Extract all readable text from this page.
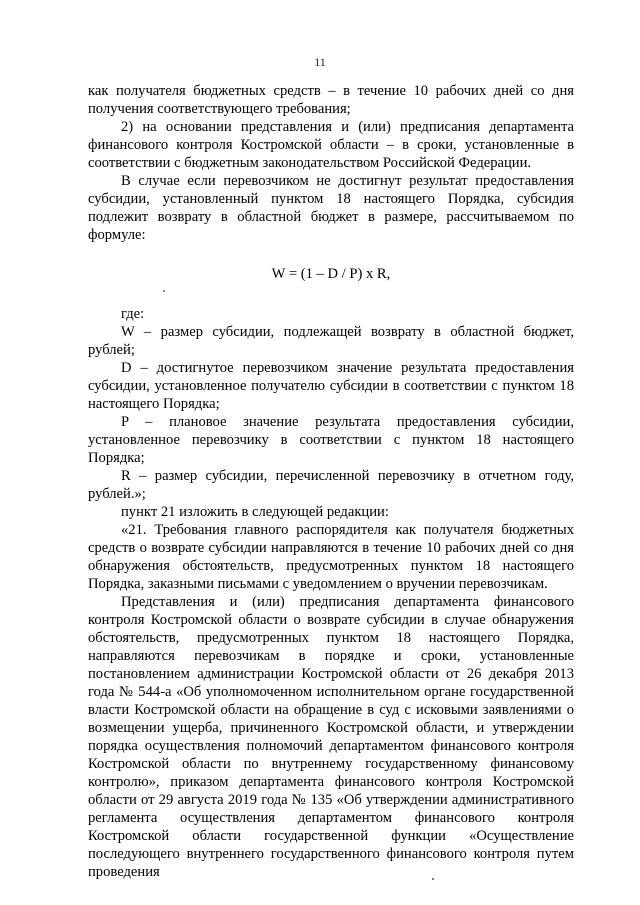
11

как получателя бюджетных средств – в течение 10 рабочих дней со дня получения соответствующего требования;

2) на основании представления и (или) предписания департамента финансового контроля Костромской области – в сроки, установленные в соответствии с бюджетным законодательством Российской Федерации.

В случае если перевозчиком не достигнут результат предоставления субсидии, установленный пунктом 18 настоящего Порядка, субсидия подлежит возврату в областной бюджет в размере, рассчитываемом по формуле:

W = (1 – D / P) х R,

где:

W – размер субсидии, подлежащей возврату в областной бюджет, рублей;

D – достигнутое перевозчиком значение результата предоставления субсидии, установленное получателю субсидии в соответствии с пунктом 18 настоящего Порядка;

P – плановое значение результата предоставления субсидии, установленное перевозчику в соответствии с пунктом 18 настоящего Порядка;

R – размер субсидии, перечисленной перевозчику в отчетном году, рублей.»;

пункт 21 изложить в следующей редакции:

«21. Требования главного распорядителя как получателя бюджетных средств о возврате субсидии направляются в течение 10 рабочих дней со дня обнаружения обстоятельств, предусмотренных пунктом 18 настоящего Порядка, заказными письмами с уведомлением о вручении перевозчикам.

Представления и (или) предписания департамента финансового контроля Костромской области о возврате субсидии в случае обнаружения обстоятельств, предусмотренных пунктом 18 настоящего Порядка, направляются перевозчикам в порядке и сроки, установленные постановлением администрации Костромской области от 26 декабря 2013 года № 544-а «Об уполномоченном исполнительном органе государственной власти Костромской области на обращение в суд с исковыми заявлениями о возмещении ущерба, причиненного Костромской области, и утверждении порядка осуществления полномочий департаментом финансового контроля Костромской области по внутреннему государственному финансовому контролю», приказом департамента финансового контроля Костромской области от 29 августа 2019 года № 135 «Об утверждении административного регламента осуществления департаментом финансового контроля Костромской области государственной функции «Осуществление последующего внутреннего государственного финансового контроля путем проведения
